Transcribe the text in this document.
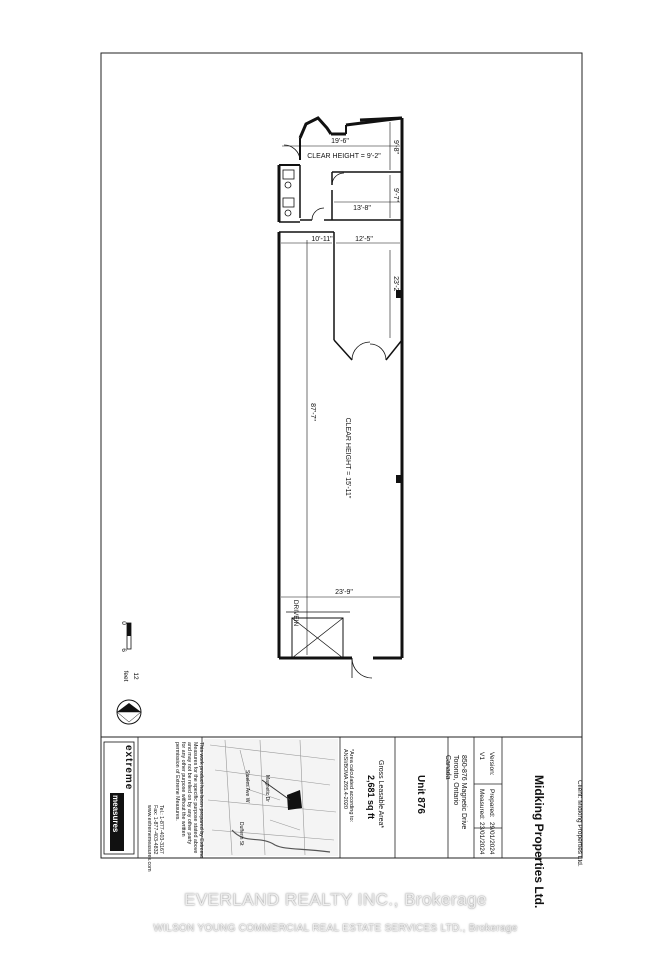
19'-6"
CLEAR HEIGHT = 9'-2"
9'-8"
9'-7"
13'-8"
10'-11"	12'-5"
23'-2"
87'-7"
CLEAR HEIGHT = 15'-11"
23'-9"
DRIVEIN
0
6
12
feet
Client: Midking Properties Ltd.
Midking Properties Ltd.
Prepared:
29/01/2024
Measured:
23/01/2024
Version:
V1
Unit 876	850-876 Magnetic Drive
Toronto, Ontario
Canada
Gross Leasable Area*
2,681 sq ft
*Area calculated according to:
ANSI/BOMA Z65.4-2020
Steeles Ave W
Dufferin St
Magnetic Dr
This work product has been prepared by Extreme
Measures for the specific purpose stated above
and may not be relied on by any other party
for any other purpose without the written
permission of Extreme Measures.
Tel.: 1-877-403-3167
Fax: 1-877-403-4832
www.extrememeasures.com
extreme
measures
EVERLAND REALTY INC., Brokerage
WILSON YOUNG COMMERCIAL REAL ESTATE SERVICES LTD., Brokerage
